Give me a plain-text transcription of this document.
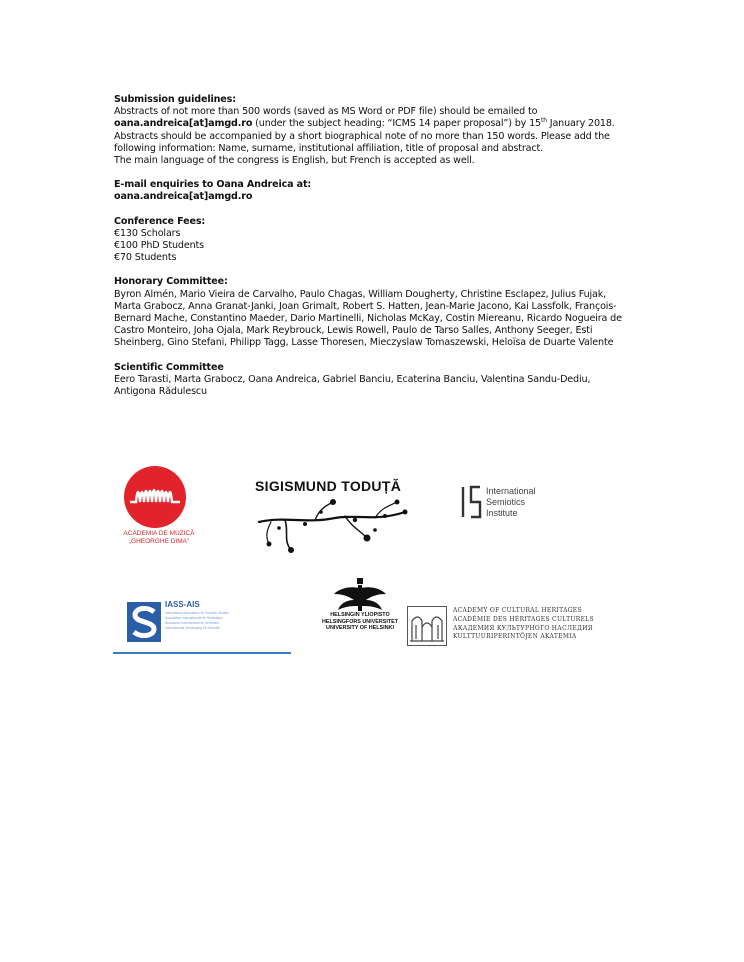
Submission guidelines:

Abstracts of not more than 500 words (saved as MS Word or PDF file) should be emailed to

oana.andreica[at]amgd.ro (under the subject heading: “ICMS 14 paper proposal”) by 15th January 2018.

Abstracts should be accompanied by a short biographical note of no more than 150 words. Please add the

following information: Name, surname, institutional affiliation, title of proposal and abstract.

The main language of the congress is English, but French is accepted as well.

E-mail enquiries to Oana Andreica at:

oana.andreica[at]amgd.ro

Conference Fees:

€130 Scholars

€100 PhD Students

€70 Students

Honorary Committee:

Byron Almén, Mario Vieira de Carvalho, Paulo Chagas, William Dougherty, Christine Esclapez, Julius Fujak,

Marta Grabocz, Anna Granat-Janki, Joan Grimalt, Robert S. Hatten, Jean-Marie Jacono, Kai Lassfolk, François-

Bernard Mache, Constantino Maeder, Dario Martinelli, Nicholas McKay, Costin Miereanu, Ricardo Nogueira de

Castro Monteiro, Joha Ojala, Mark Reybrouck, Lewis Rowell, Paulo de Tarso Salles, Anthony Seeger, Esti

Sheinberg, Gino Stefani, Philipp Tagg, Lasse Thoresen, Mieczyslaw Tomaszewski, Heloïsa de Duarte Valente

Scientific Committee

Eero Tarasti, Marta Grabocz, Oana Andreica, Gabriel Banciu, Ecaterina Banciu, Valentina Sandu-Dediu,

Antigona Rădulescu

ACADEMIA DE MUZICĂ
„GHEORGHE DIMA”
SIGISMUND TODUȚĂ	International
Semiotics
Institute
IASS-AIS
International Association for Semiotic Studies
Association Internationale de Sémiotique
Asociación Internacional de Semiótica
Internationale Vereinigung für Semiotik
HELSINGIN YLIOPISTO
HELSINGFORS UNIVERSITET
UNIVERSITY OF HELSINKI
ACADEMY OF CULTURAL HERITAGES
ACADÉMIE DES HÉRITAGES CULTURELS
АКАДЕМИЯ КУЛЬТУРНОГО НАСЛЕДИЯ
KULTTUURIPERINTÖJEN AKATEMIA
